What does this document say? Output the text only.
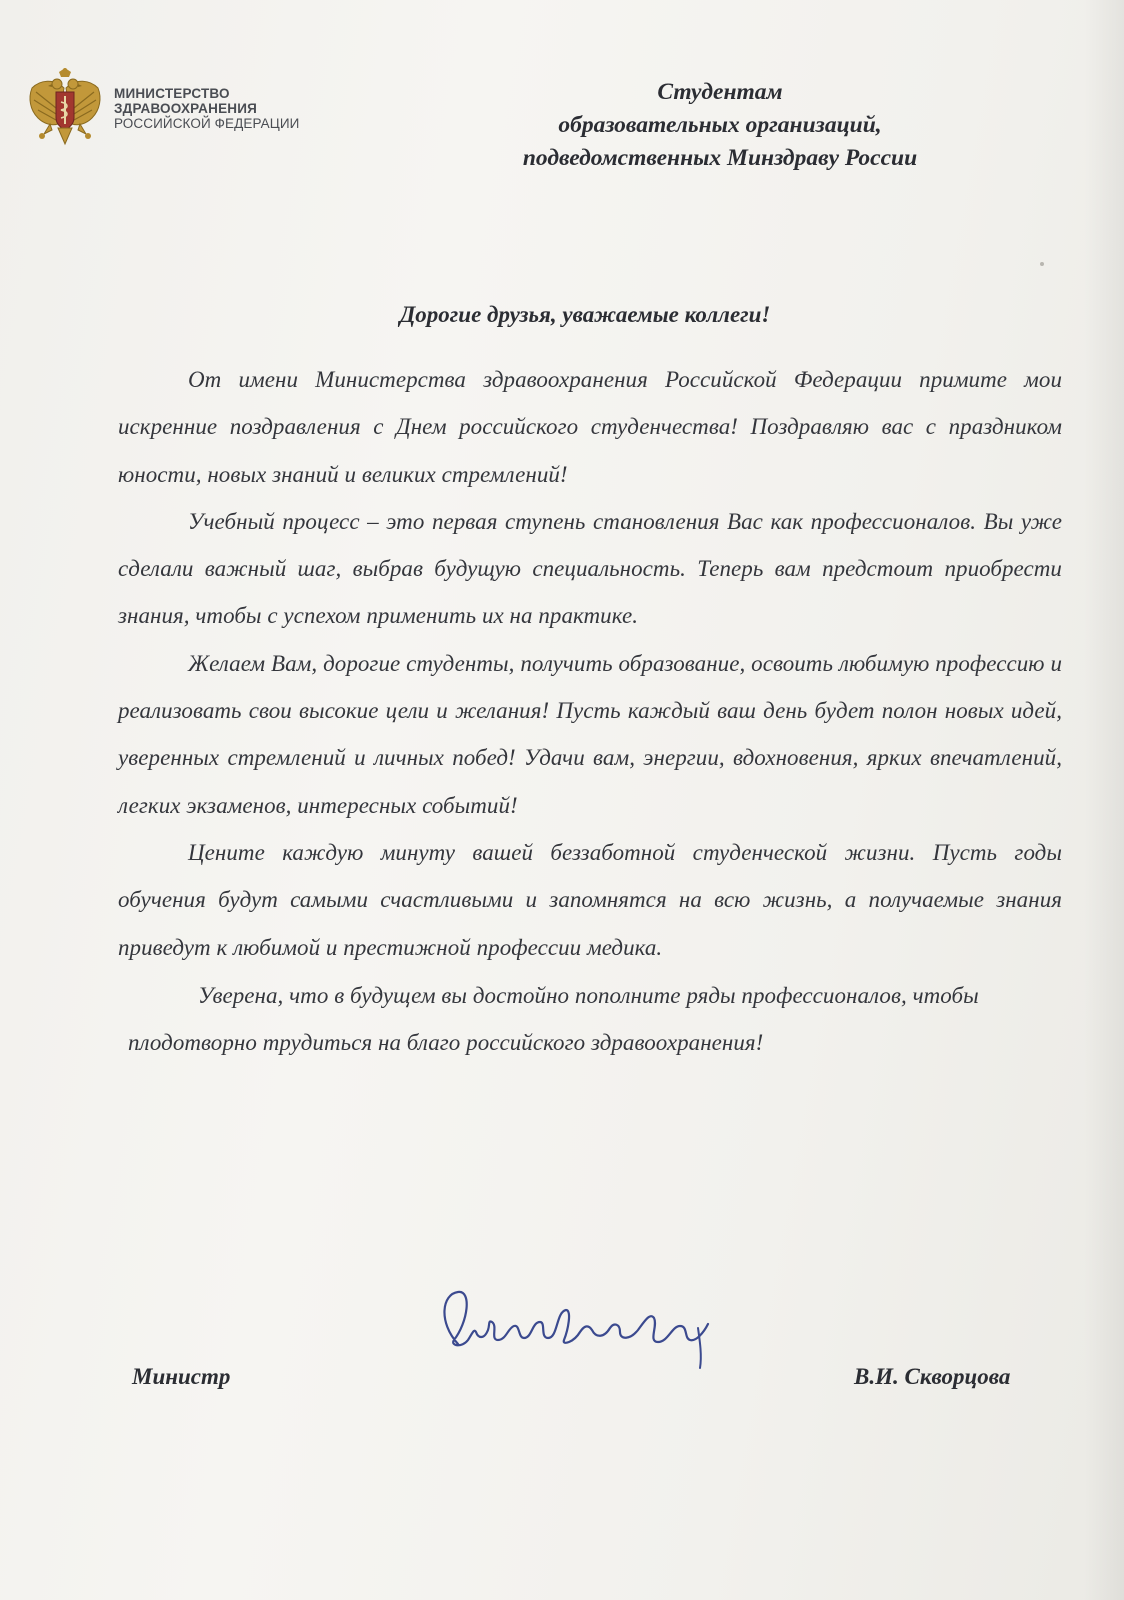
МИНИСТЕРСТВО
ЗДРАВООХРАНЕНИЯ
РОССИЙСКОЙ ФЕДЕРАЦИИ
Студентам
образовательных организаций,
подведомственных Минздраву России
Дорогие друзья, уважаемые коллеги!

От имени Министерства здравоохранения Российской Федерации примите мои искренние поздравления с Днем российского студенчества! Поздравляю вас с праздником юности, новых знаний и великих стремлений!

Учебный процесс – это первая ступень становления Вас как профессионалов. Вы уже сделали важный шаг, выбрав будущую специальность. Теперь вам предстоит приобрести знания, чтобы с успехом применить их на практике.

Желаем Вам, дорогие студенты, получить образование, освоить любимую профессию и реализовать свои высокие цели и желания! Пусть каждый ваш день будет полон новых идей, уверенных стремлений и личных побед! Удачи вам, энергии, вдохновения, ярких впечатлений, легких экзаменов, интересных событий!

Цените каждую минуту вашей беззаботной студенческой жизни. Пусть годы обучения будут самыми счастливыми и запомнятся на всю жизнь, а получаемые знания приведут к любимой и престижной профессии медика.

Уверена, что в будущем вы достойно пополните ряды профессионалов, чтобы плодотворно трудиться на благо российского здравоохранения!

Министр	В.И. Скворцова
